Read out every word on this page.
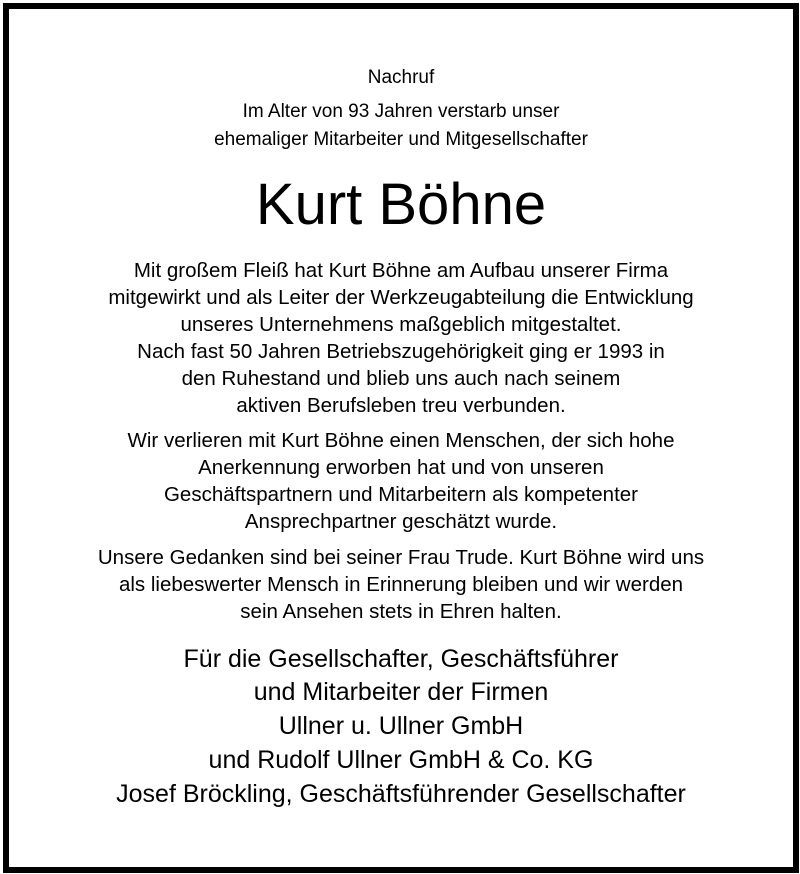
Nachruf
Im Alter von 93 Jahren verstarb unser
ehemaliger Mitarbeiter und Mitgesellschafter
Kurt Böhne
Mit großem Fleiß hat Kurt Böhne am Aufbau unserer Firma
mitgewirkt und als Leiter der Werkzeugabteilung die Entwicklung
unseres Unternehmens maßgeblich mitgestaltet.
Nach fast 50 Jahren Betriebszugehörigkeit ging er 1993 in
den Ruhestand und blieb uns auch nach seinem
aktiven Berufsleben treu verbunden.
Wir verlieren mit Kurt Böhne einen Menschen, der sich hohe
Anerkennung erworben hat und von unseren
Geschäftspartnern und Mitarbeitern als kompetenter
Ansprechpartner geschätzt wurde.
Unsere Gedanken sind bei seiner Frau Trude. Kurt Böhne wird uns
als liebeswerter Mensch in Erinnerung bleiben und wir werden
sein Ansehen stets in Ehren halten.
Für die Gesellschafter, Geschäftsführer
und Mitarbeiter der Firmen
Ullner u. Ullner GmbH
und Rudolf Ullner GmbH & Co. KG
Josef Bröckling, Geschäftsführender Gesellschafter
